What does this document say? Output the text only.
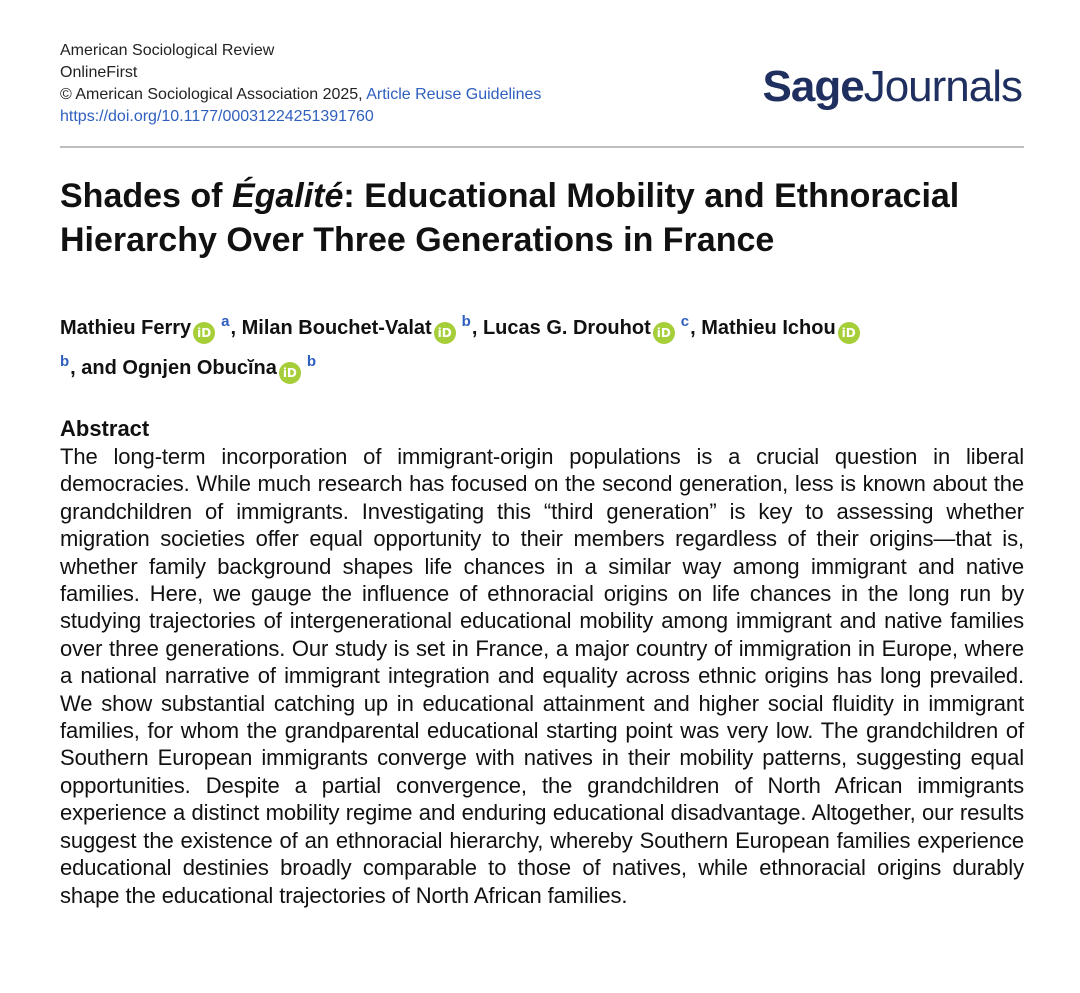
American Sociological Review
OnlineFirst
© American Sociological Association 2025, Article Reuse Guidelines
https://doi.org/10.1177/00031224251391760
SageJournals
Shades of Égalité: Educational Mobility and Ethnoracial Hierarchy Over Three Generations in France
Mathieu Ferry iD$^a$, Milan Bouchet-Valat iD$^b$, Lucas G. Drouhot iD$^c$, Mathieu Ichou iD
$^b$, and Ognjen Obucĭna iD$^b$
Abstract

The long-term incorporation of immigrant-origin populations is a crucial question in liberal democracies. While much research has focused on the second generation, less is known about the grandchildren of immigrants. Investigating this “third generation” is key to assessing whether migration societies offer equal opportunity to their members regardless of their origins—that is, whether family background shapes life chances in a similar way among immigrant and native families. Here, we gauge the influence of ethnoracial origins on life chances in the long run by studying trajectories of intergenerational educational mobility among immigrant and native families over three generations. Our study is set in France, a major country of immigration in Europe, where a national narrative of immigrant integration and equality across ethnic origins has long prevailed. We show substantial catching up in educational attainment and higher social fluidity in immigrant families, for whom the grandparental educational starting point was very low. The grandchildren of Southern European immigrants converge with natives in their mobility patterns, suggesting equal opportunities. Despite a partial convergence, the grandchildren of North African immigrants experience a distinct mobility regime and enduring educational disadvantage. Altogether, our results suggest the existence of an ethnoracial hierarchy, whereby Southern European families experience educational destinies broadly comparable to those of natives, while ethnoracial origins durably shape the educational trajectories of North African families.
